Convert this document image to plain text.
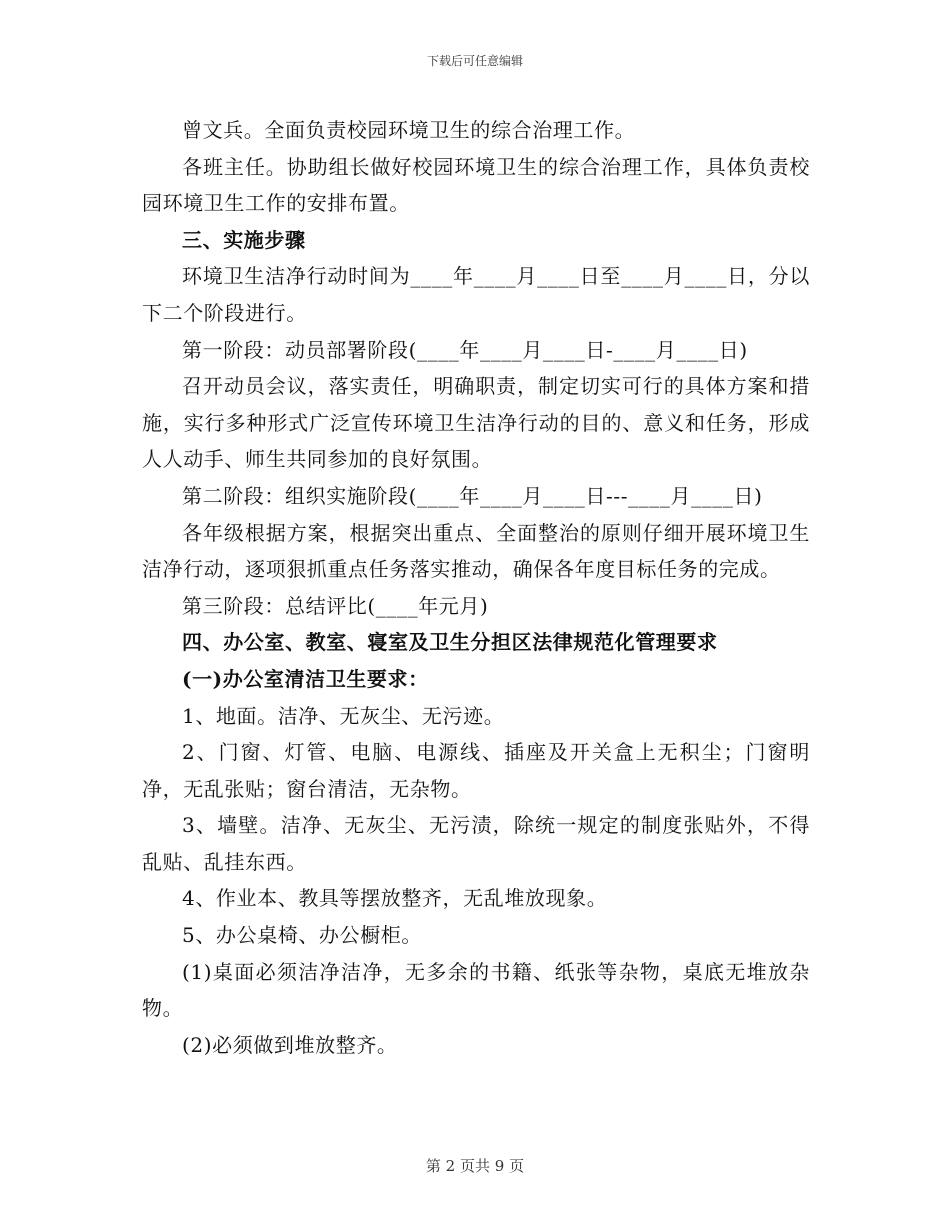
下载后可任意编辑

曾文兵。全面负责校园环境卫生的综合治理工作。

各班主任。协助组长做好校园环境卫生的综合治理工作，具体负责校园环境卫生工作的安排布置。

三、实施步骤

环境卫生洁净行动时间为____年____月____日至____月____日，分以下二个阶段进行。

第一阶段：动员部署阶段(____年____月____日-____月____日)

召开动员会议，落实责任，明确职责，制定切实可行的具体方案和措施，实行多种形式广泛宣传环境卫生洁净行动的目的、意义和任务，形成人人动手、师生共同参加的良好氛围。

第二阶段：组织实施阶段(____年____月____日---____月____日)

各年级根据方案，根据突出重点、全面整治的原则仔细开展环境卫生洁净行动，逐项狠抓重点任务落实推动，确保各年度目标任务的完成。

第三阶段：总结评比(____年元月)

四、办公室、教室、寝室及卫生分担区法律规范化管理要求

(一)办公室清洁卫生要求：

1、地面。洁净、无灰尘、无污迹。

2、门窗、灯管、电脑、电源线、插座及开关盒上无积尘；门窗明净，无乱张贴；窗台清洁，无杂物。

3、墙壁。洁净、无灰尘、无污渍，除统一规定的制度张贴外，不得乱贴、乱挂东西。

4、作业本、教具等摆放整齐，无乱堆放现象。

5、办公桌椅、办公橱柜。

(1)桌面必须洁净洁净，无多余的书籍、纸张等杂物，桌底无堆放杂物。

(2)必须做到堆放整齐。

第 2 页共 9 页
